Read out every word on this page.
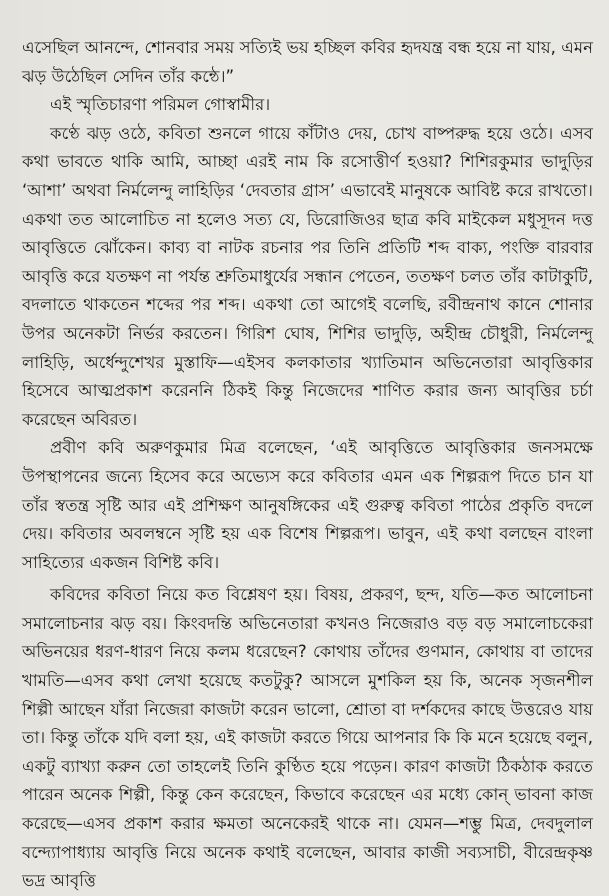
এসেছিল আনন্দে, শোনবার সময় সত্যিই ভয় হচ্ছিল কবির হৃদযন্ত্র বন্ধ হয়ে না যায়, এমন ঝড় উঠেছিল সেদিন তাঁর কন্ঠে।”

এই স্মৃতিচারণা পরিমল গোস্বামীর।

কণ্ঠে ঝড় ওঠে, কবিতা শুনলে গায়ে কাঁটাও দেয়, চোখ বাষ্পরুদ্ধ হয়ে ওঠে। এসব কথা ভাবতে থাকি আমি, আচ্ছা এরই নাম কি রসোত্তীর্ণ হওয়া? শিশিরকুমার ভাদুড়ির ‘আশা’ অথবা নির্মলেন্দু লাহিড়ির ‘দেবতার গ্রাস’ এভাবেই মানুষকে আবিষ্ট করে রাখতো। একথা তত আলোচিত না হলেও সত্য যে, ডিরোজিওর ছাত্র কবি মাইকেল মধুসূদন দত্ত আবৃত্তিতে ঝোঁকেন। কাব্য বা নাটক রচনার পর তিনি প্রতিটি শব্দ বাক্য, পংক্তি বারবার আবৃত্তি করে যতক্ষণ না পর্যন্ত শ্রুতিমাধুর্যের সন্ধান পেতেন, ততক্ষণ চলত তাঁর কাটাকুটি, বদলাতে থাকতেন শব্দের পর শব্দ। একথা তো আগেই বলেছি, রবীন্দ্রনাথ কানে শোনার উপর অনেকটা নির্ভর করতেন। গিরিশ ঘোষ, শিশির ভাদুড়ি, অহীন্দ্র চৌধুরী, নির্মলেন্দু লাহিড়ি, অর্ধেন্দুশেখর মুস্তাফি—এইসব কলকাতার খ্যাতিমান অভিনেতারা আবৃত্তিকার হিসেবে আত্মপ্রকাশ করেননি ঠিকই কিন্তু নিজেদের শাণিত করার জন্য আবৃত্তির চর্চা করেছেন অবিরত।

প্রবীণ কবি অরুণকুমার মিত্র বলেছেন, ‘এই আবৃত্তিতে আবৃত্তিকার জনসমক্ষে উপস্থাপনের জন্যে হিসেব করে অভ্যেস করে কবিতার এমন এক শিল্পরূপ দিতে চান যা তাঁর স্বতন্ত্র সৃষ্টি আর এই প্রশিক্ষণ আনুষঙ্গিকের এই গুরুত্ব কবিতা পাঠের প্রকৃতি বদলে দেয়। কবিতার অবলম্বনে সৃষ্টি হয় এক বিশেষ শিল্পরূপ। ভাবুন, এই কথা বলছেন বাংলা সাহিত্যের একজন বিশিষ্ট কবি।

কবিদের কবিতা নিয়ে কত বিশ্লেষণ হয়। বিষয়, প্রকরণ, ছন্দ, যতি—কত আলোচনা সমালোচনার ঝড় বয়। কিংবদন্তি অভিনেতারা কখনও নিজেরাও বড় বড় সমালোচকেরা অভিনয়ের ধরণ-ধারণ নিয়ে কলম ধরেছেন? কোথায় তাঁদের গুণমান, কোথায় বা তাদের খামতি—এসব কথা লেখা হয়েছে কতটুকু? আসলে মুশকিল হয় কি, অনেক সৃজনশীল শিল্পী আছেন যাঁরা নিজেরা কাজটা করেন ভালো, শ্রোতা বা দর্শকদের কাছে উত্তরেও যায় তা। কিন্তু তাঁকে যদি বলা হয়, এই কাজটা করতে গিয়ে আপনার কি কি মনে হয়েছে বলুন, একটু ব্যাখ্যা করুন তো তাহলেই তিনি কুণ্ঠিত হয়ে পড়েন। কারণ কাজটা ঠিকঠাক করতে পারেন অনেক শিল্পী, কিন্তু কেন করেছেন, কিভাবে করেছেন এর মধ্যে কোন্ ভাবনা কাজ করেছে—এসব প্রকাশ করার ক্ষমতা অনেকেরই থাকে না। যেমন—শম্ভু মিত্র, দেবদুলাল বন্দ্যোপাধ্যায় আবৃত্তি নিয়ে অনেক কথাই বলেছেন, আবার কাজী সব্যসাচী, বীরেন্দ্রকৃষ্ণ ভদ্র আবৃত্তি
